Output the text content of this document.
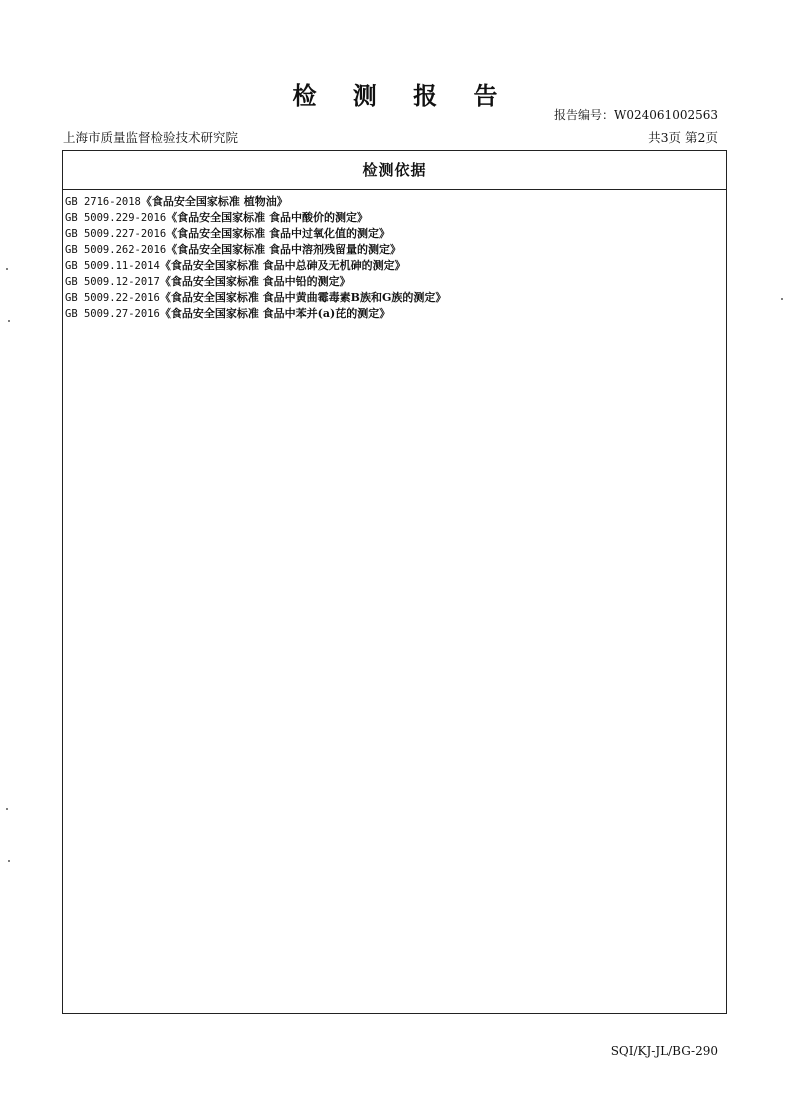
检 测 报 告
报告编号：W024061002563
上海市质量监督检验技术研究院	共3页 第2页
检测依据
GB 2716-2018《食品安全国家标准 植物油》
GB 5009.229-2016《食品安全国家标准 食品中酸价的测定》
GB 5009.227-2016《食品安全国家标准 食品中过氧化值的测定》
GB 5009.262-2016《食品安全国家标准 食品中溶剂残留量的测定》
GB 5009.11-2014《食品安全国家标准 食品中总砷及无机砷的测定》
GB 5009.12-2017《食品安全国家标准 食品中铅的测定》
GB 5009.22-2016《食品安全国家标准 食品中黄曲霉毒素B族和G族的测定》
GB 5009.27-2016《食品安全国家标准 食品中苯并(a)芘的测定》
SQI/KJ-JL/BG-290
